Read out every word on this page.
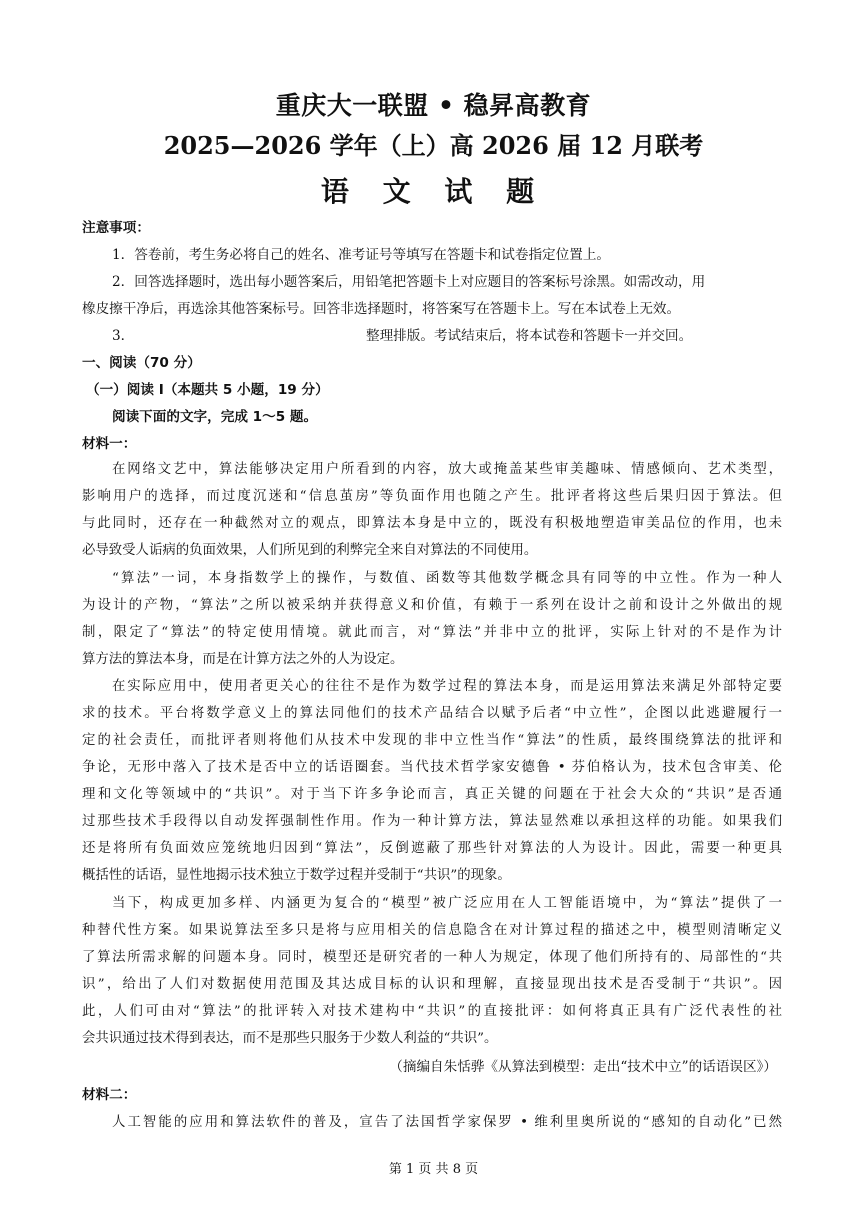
重庆大一联盟 • 稳昇高教育
2025—2026 学年（上）高 2026 届 12 月联考
语 文 试 题
注意事项：
1．答卷前，考生务必将自己的姓名、准考证号等填写在答题卡和试卷指定位置上。
2．回答选择题时，选出每小题答案后，用铅笔把答题卡上对应题目的答案标号涂黑。如需改动，用
橡皮擦干净后，再选涂其他答案标号。回答非选择题时，将答案写在答题卡上。写在本试卷上无效。
3．	整理排版。考试结束后，将本试卷和答题卡一并交回。
一、阅读（70 分）
（一）阅读 I（本题共 5 小题，19 分）
阅读下面的文字，完成 1～5 题。
材料一：
在网络文艺中，算法能够决定用户所看到的内容，放大或掩盖某些审美趣味、情感倾向、艺术类型，
影响用户的选择，而过度沉迷和“信息茧房”等负面作用也随之产生。批评者将这些后果归因于算法。但
与此同时，还存在一种截然对立的观点，即算法本身是中立的，既没有积极地塑造审美品位的作用，也未
必导致受人诟病的负面效果，人们所见到的利弊完全来自对算法的不同使用。
“算法”一词，本身指数学上的操作，与数值、函数等其他数学概念具有同等的中立性。作为一种人
为设计的产物，“算法”之所以被采纳并获得意义和价值，有赖于一系列在设计之前和设计之外做出的规
制，限定了“算法”的特定使用情境。就此而言，对“算法”并非中立的批评，实际上针对的不是作为计
算方法的算法本身，而是在计算方法之外的人为设定。
在实际应用中，使用者更关心的往往不是作为数学过程的算法本身，而是运用算法来满足外部特定要
求的技术。平台将数学意义上的算法同他们的技术产品结合以赋予后者“中立性”，企图以此逃避履行一
定的社会责任，而批评者则将他们从技术中发现的非中立性当作“算法”的性质，最终围绕算法的批评和
争论，无形中落入了技术是否中立的话语圈套。当代技术哲学家安德鲁 • 芬伯格认为，技术包含审美、伦
理和文化等领域中的“共识”。对于当下许多争论而言，真正关键的问题在于社会大众的“共识”是否通
过那些技术手段得以自动发挥强制性作用。作为一种计算方法，算法显然难以承担这样的功能。如果我们
还是将所有负面效应笼统地归因到“算法”，反倒遮蔽了那些针对算法的人为设计。因此，需要一种更具
概括性的话语，显性地揭示技术独立于数学过程并受制于“共识”的现象。
当下，构成更加多样、内涵更为复合的“模型”被广泛应用在人工智能语境中，为“算法”提供了一
种替代性方案。如果说算法至多只是将与应用相关的信息隐含在对计算过程的描述之中，模型则清晰定义
了算法所需求解的问题本身。同时，模型还是研究者的一种人为规定，体现了他们所持有的、局部性的“共
识”，给出了人们对数据使用范围及其达成目标的认识和理解，直接显现出技术是否受制于“共识”。因
此，人们可由对“算法”的批评转入对技术建构中“共识”的直接批评：如何将真正具有广泛代表性的社
会共识通过技术得到表达，而不是那些只服务于少数人利益的“共识”。
（摘编自朱恬骅《从算法到模型：走出“技术中立”的话语误区》）
材料二：
人工智能的应用和算法软件的普及，宣告了法国哲学家保罗 • 维利里奥所说的“感知的自动化”已然
第 1 页 共 8 页
